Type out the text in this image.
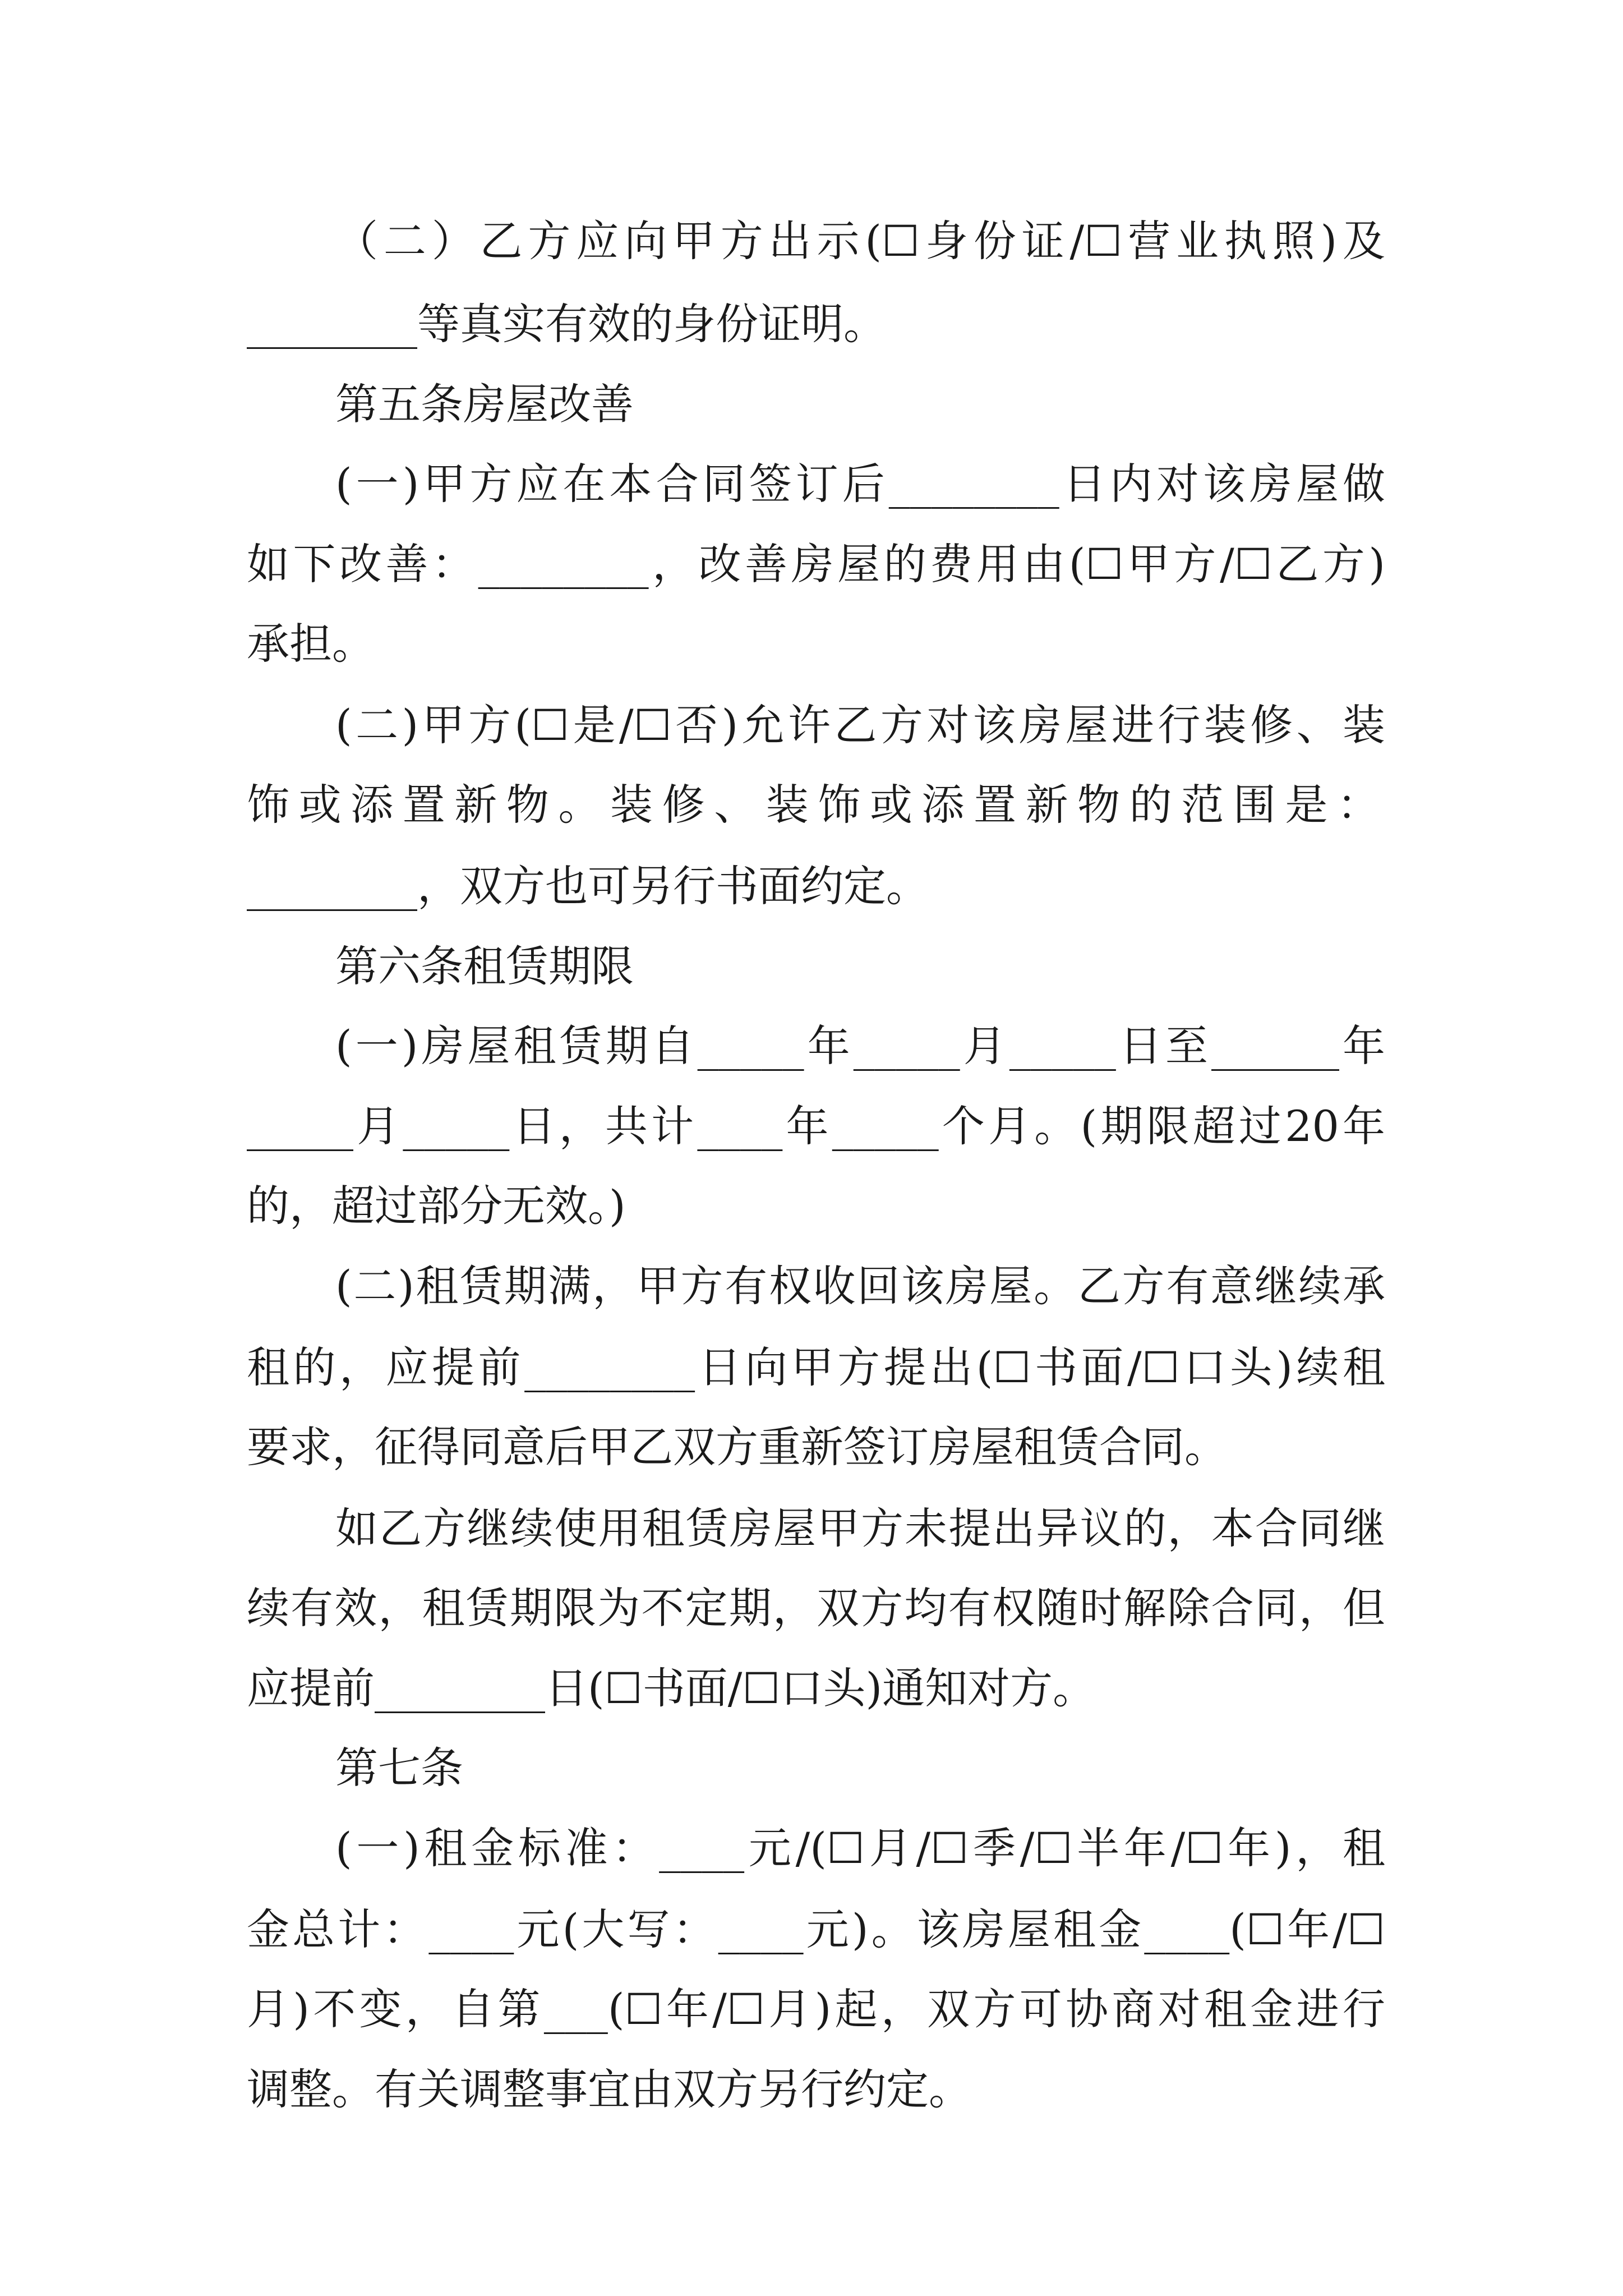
（二）乙方应向甲方出示(☐身份证/☐营业执照)及
________等真实有效的身份证明。
第五条房屋改善
(一)甲方应在本合同签订后________日内对该房屋做
如下改善：________，改善房屋的费用由(☐甲方/☐乙方)
承担。
(二)甲方(☐是/☐否)允许乙方对该房屋进行装修、装
饰或添置新物。装修、装饰或添置新物的范围是：
________，双方也可另行书面约定。
第六条租赁期限
(一)房屋租赁期自_____年_____月_____日至______年
_____月_____日，共计____年_____个月。(期限超过20年
的，超过部分无效。)
(二)租赁期满，甲方有权收回该房屋。乙方有意继续承
租的，应提前________日向甲方提出(☐书面/☐口头)续租
要求，征得同意后甲乙双方重新签订房屋租赁合同。
如乙方继续使用租赁房屋甲方未提出异议的，本合同继
续有效，租赁期限为不定期，双方均有权随时解除合同，但
应提前________日(☐书面/☐口头)通知对方。
第七条
(一)租金标准：____元/(☐月/☐季/☐半年/☐年)，租
金总计：____元(大写：____元)。该房屋租金____(☐年/☐
月)不变，自第___(☐年/☐月)起，双方可协商对租金进行
调整。有关调整事宜由双方另行约定。
